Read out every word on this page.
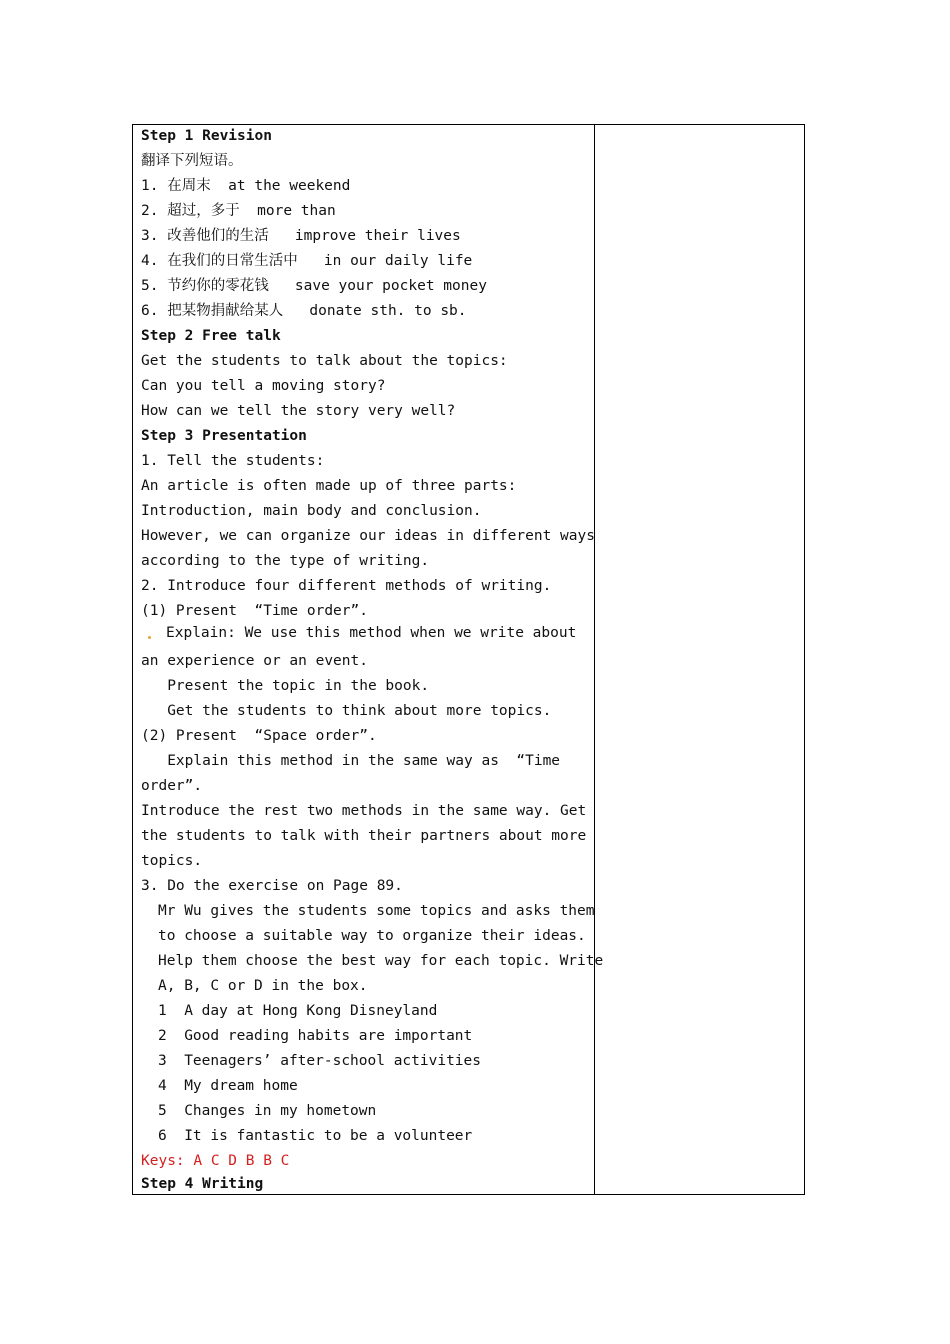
Step 1 Revision
翻译下列短语。
1. 在周末  at the weekend
2. 超过，多于  more than
3. 改善他们的生活   improve their lives
4. 在我们的日常生活中   in our daily life
5. 节约你的零花钱   save your pocket money
6. 把某物捐献给某人   donate sth. to sb.
Step 2 Free talk
Get the students to talk about the topics:
Can you tell a moving story?
How can we tell the story very well?
Step 3 Presentation
1. Tell the students:
An article is often made up of three parts:
Introduction, main body and conclusion.
However, we can organize our ideas in different ways
according to the type of writing.
2. Introduce four different methods of writing.
(1) Present  “Time order”.
Explain: We use this method when we write about
an experience or an event.
Present the topic in the book.
Get the students to think about more topics.
(2) Present  “Space order”.
Explain this method in the same way as  “Time
order”.
Introduce the rest two methods in the same way. Get
the students to talk with their partners about more
topics.
3. Do the exercise on Page 89.
Mr Wu gives the students some topics and asks them
to choose a suitable way to organize their ideas.
Help them choose the best way for each topic. Write
A, B, C or D in the box.
1  A day at Hong Kong Disneyland
2  Good reading habits are important
3  Teenagers’ after-school activities
4  My dream home
5  Changes in my hometown
6  It is fantastic to be a volunteer
Keys: A C D B B C
Step 4 Writing
